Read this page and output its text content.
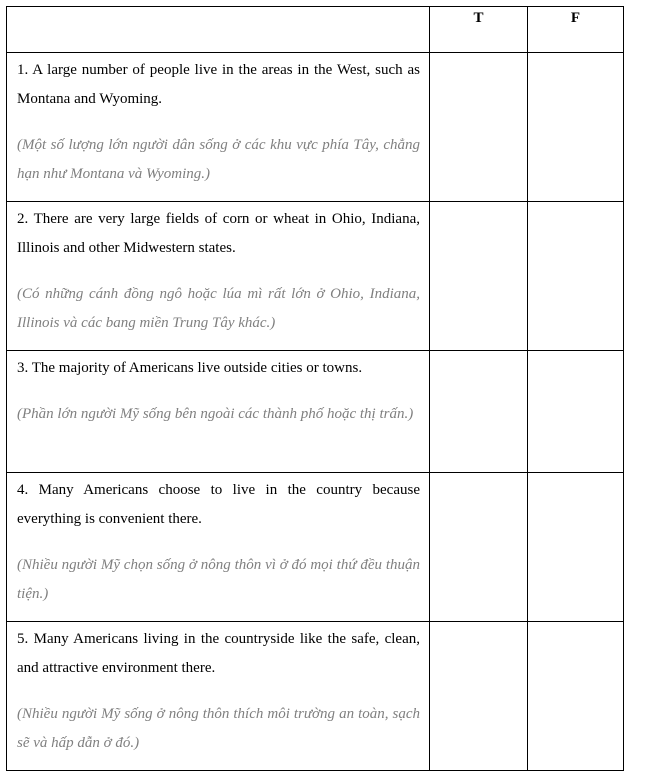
	T	F

1. A large number of people live in the areas in the West, such as Montana and Wyoming.

(Một số lượng lớn người dân sống ở các khu vực phía Tây, chẳng hạn như Montana và Wyoming.)		

2. There are very large fields of corn or wheat in Ohio, Indiana, Illinois and other Midwestern states.

(Có những cánh đồng ngô hoặc lúa mì rất lớn ở Ohio, Indiana, Illinois và các bang miền Trung Tây khác.)		

3. The majority of Americans live outside cities or towns.

(Phần lớn người Mỹ sống bên ngoài các thành phố hoặc thị trấn.)		

4. Many Americans choose to live in the country because everything is convenient there.

(Nhiều người Mỹ chọn sống ở nông thôn vì ở đó mọi thứ đều thuận tiện.)		

5. Many Americans living in the countryside like the safe, clean, and attractive environment there.

(Nhiều người Mỹ sống ở nông thôn thích môi trường an toàn, sạch sẽ và hấp dẫn ở đó.)		
